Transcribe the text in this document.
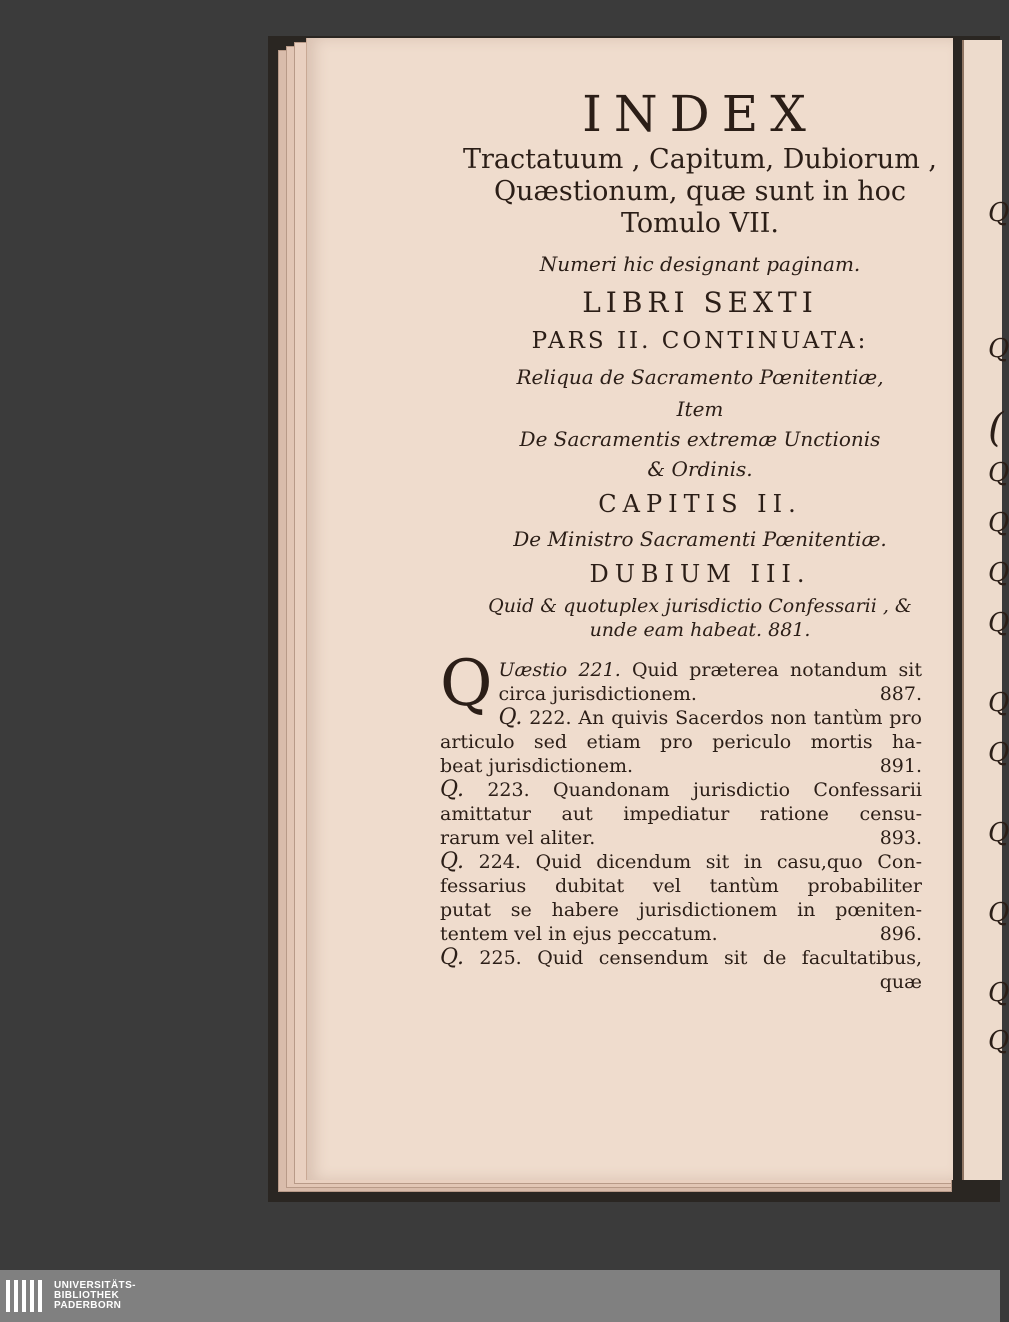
Q
Q
(
Q
Q
Q
Q
Q
Q
Q
Q
Q
Q

INDEX

Tractatuum , Capitum, Dubiorum ,

Quæstionum, quæ sunt in hoc

Tomulo VII.

Numeri hic designant paginam.

LIBRI SEXTI

PARS II. CONTINUATA:

Reliqua de Sacramento Pœnitentiæ,

Item

De Sacramentis extremæ Unctionis

& Ordinis.

CAPITIS II.

De Ministro Sacramenti Pœnitentiæ.

DUBIUM III.

Quid & quotuplex jurisdictio Confessarii , &

unde eam habeat. 881.

Q Uæstio 221. Quid præterea notandum sit
circa jurisdictionem.	887.
Q. 222. An quivis Sacerdos non tantùm pro
articulo sed etiam pro periculo mortis ha-
beat jurisdictionem.	891.
Q. 223. Quandonam jurisdictio Confessarii
amittatur aut impediatur ratione censu-
rarum vel aliter.	893.
Q. 224. Quid dicendum sit in casu,quo Con-
fessarius dubitat vel tantùm probabiliter
putat se habere jurisdictionem in pœniten-
tentem vel in ejus peccatum.	896.
Q. 225. Quid censendum sit de facultatibus,
quæ
UNIVERSITÄTS-
BIBLIOTHEK
PADERBORN
